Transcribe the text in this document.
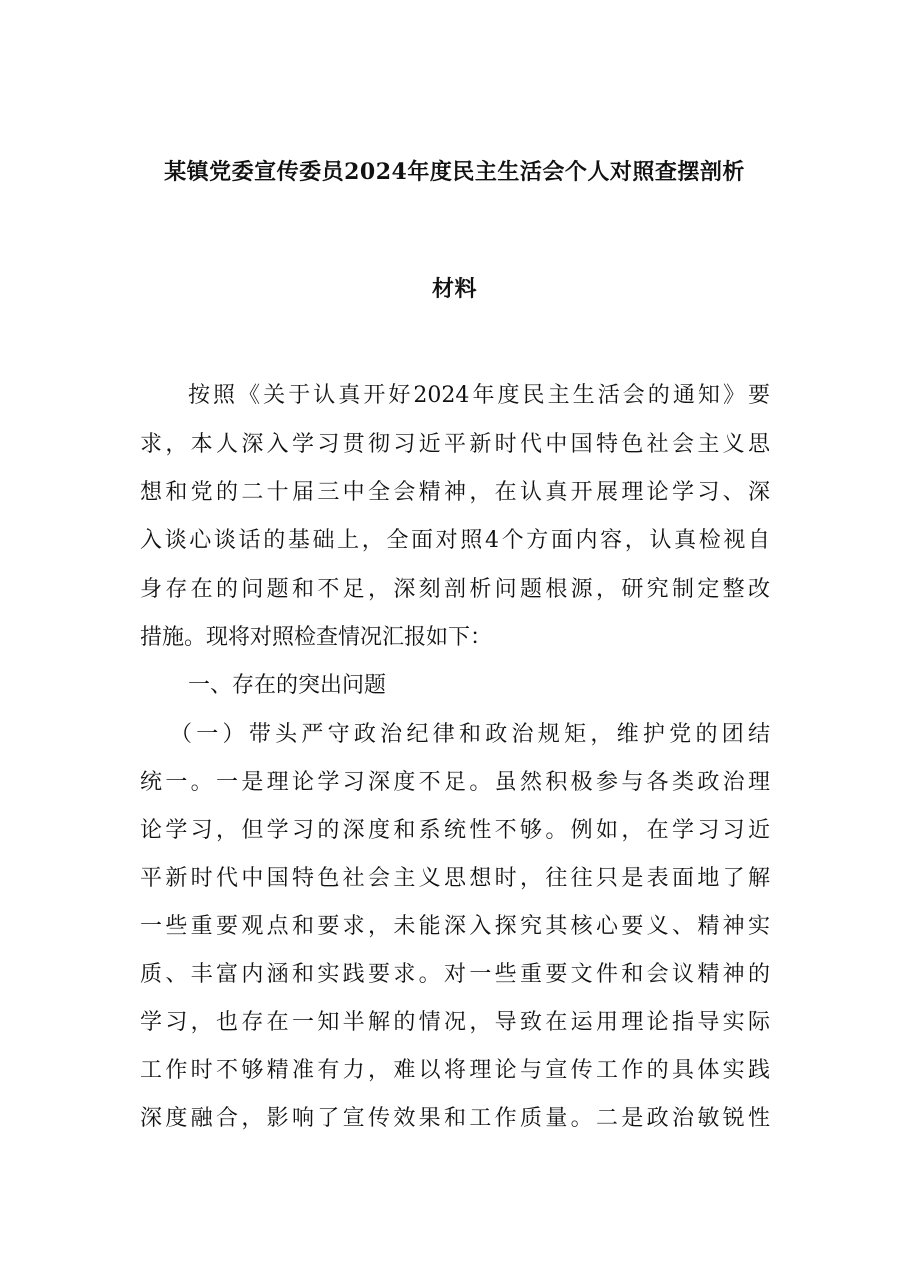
某镇党委宣传委员2024年度民主生活会个人对照查摆剖析
材料
按照《关于认真开好2024年度民主生活会的通知》要
求，本人深入学习贯彻习近平新时代中国特色社会主义思
想和党的二十届三中全会精神，在认真开展理论学习、深
入谈心谈话的基础上，全面对照4个方面内容，认真检视自
身存在的问题和不足，深刻剖析问题根源，研究制定整改
措施。现将对照检查情况汇报如下：
一、存在的突出问题
（一）带头严守政治纪律和政治规矩，维护党的团结
统一。一是理论学习深度不足。虽然积极参与各类政治理
论学习，但学习的深度和系统性不够。例如，在学习习近
平新时代中国特色社会主义思想时，往往只是表面地了解
一些重要观点和要求，未能深入探究其核心要义、精神实
质、丰富内涵和实践要求。对一些重要文件和会议精神的
学习，也存在一知半解的情况，导致在运用理论指导实际
工作时不够精准有力，难以将理论与宣传工作的具体实践
深度融合，影响了宣传效果和工作质量。二是政治敏锐性
